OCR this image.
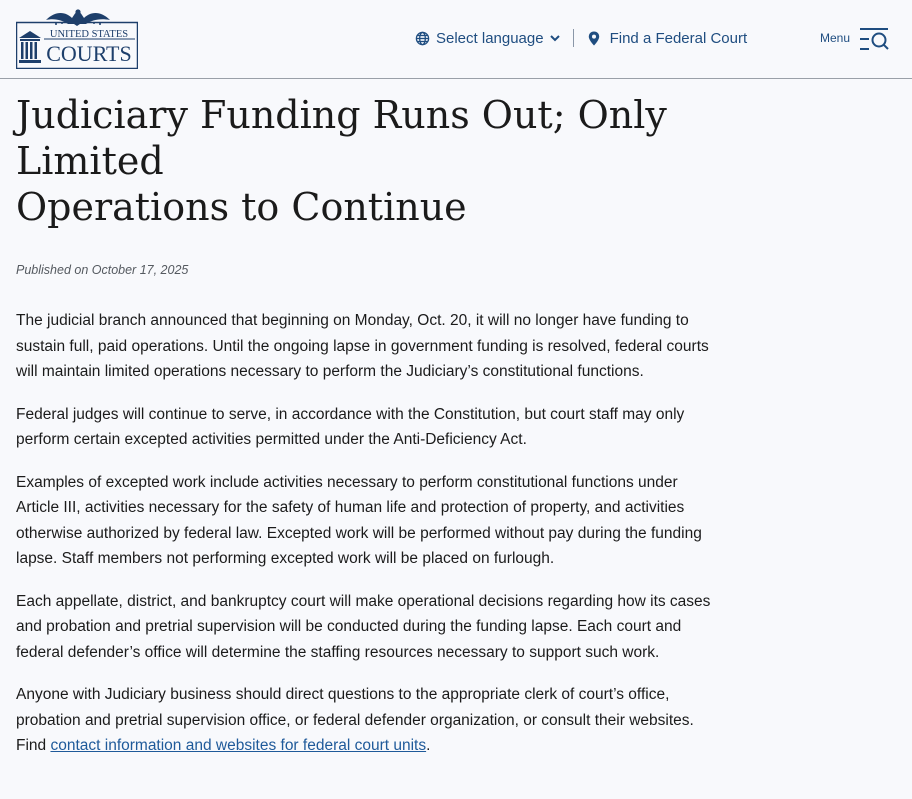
UNITED STATES
COURTS
Select language	Find a Federal Court	Menu
Judiciary Funding Runs Out; Only Limited
Operations to Continue
Published on October 17, 2025

The judicial branch announced that beginning on Monday, Oct. 20, it will no longer have funding to sustain full, paid operations. Until the ongoing lapse in government funding is resolved, federal courts will maintain limited operations necessary to perform the Judiciary’s constitutional functions.

Federal judges will continue to serve, in accordance with the Constitution, but court staff may only perform certain excepted activities permitted under the Anti-Deficiency Act.

Examples of excepted work include activities necessary to perform constitutional functions under Article III, activities necessary for the safety of human life and protection of property, and activities otherwise authorized by federal law. Excepted work will be performed without pay during the funding lapse. Staff members not performing excepted work will be placed on furlough.

Each appellate, district, and bankruptcy court will make operational decisions regarding how its cases and probation and pretrial supervision will be conducted during the funding lapse. Each court and federal defender’s office will determine the staffing resources necessary to support such work.

Anyone with Judiciary business should direct questions to the appropriate clerk of court’s office, probation and pretrial supervision office, or federal defender organization, or consult their websites. Find contact information and websites for federal court units.
